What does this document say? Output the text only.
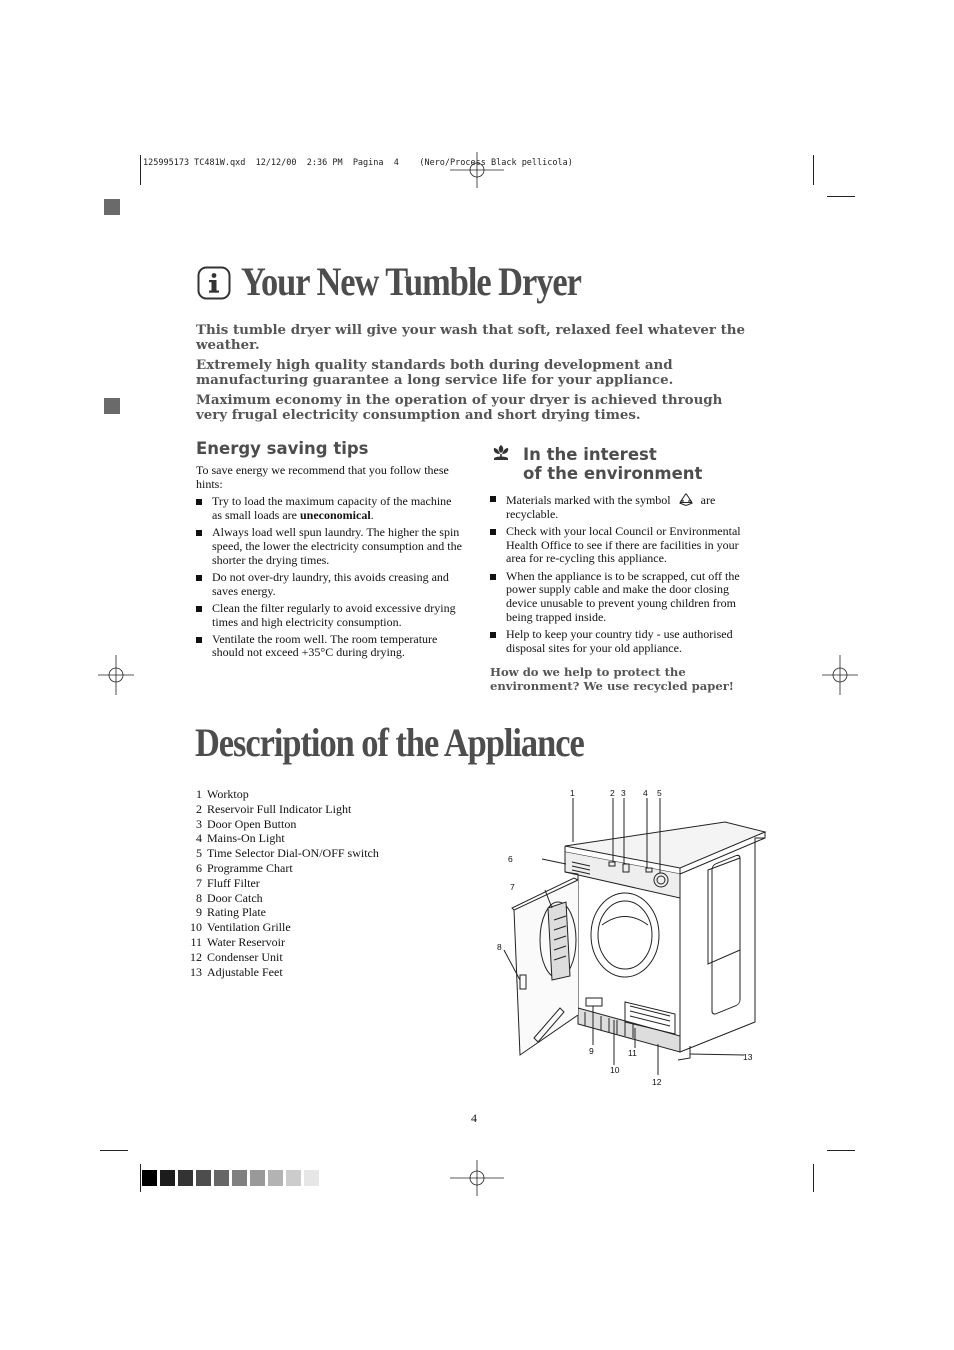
125995173 TC481W.qxd  12/12/00  2:36 PM  Pagina  4    (Nero/Process Black pellicola)
Your New Tumble Dryer

This tumble dryer will give your wash that soft, relaxed feel whatever the weather.

Extremely high quality standards both during development and manufacturing guarantee a long service life for your appliance.

Maximum economy in the operation of your dryer is achieved through very frugal electricity consumption and short drying times.

Energy saving tips
To save energy we recommend that you follow these hints:
Try to load the maximum capacity of the machine as small loads are uneconomical.
Always load well spun laundry. The higher the spin speed, the lower the electricity consumption and the shorter the drying times.
Do not over-dry laundry, this avoids creasing and saves energy.
Clean the filter regularly to avoid excessive drying times and high electricity consumption.
Ventilate the room well. The room temperature should not exceed +35°C during drying.
In the interest
of the environment
Materials marked with the symbol	are recyclable.
Check with your local Council or Environmental Health Office to see if there are facilities in your area for re-cycling this appliance.
When the appliance is to be scrapped, cut off the power supply cable and make the door closing device unusable to prevent young children from being trapped inside.
Help to keep your country tidy - use authorised disposal sites for your old appliance.
How do we help to protect the environment? We use recycled paper!
Description of the Appliance
1 Worktop
2 Reservoir Full Indicator Light
3 Door Open Button
4 Mains-On Light
5 Time Selector Dial-ON/OFF switch
6 Programme Chart
7 Fluff Filter
8 Door Catch
9 Rating Plate
10 Ventilation Grille
11 Water Reservoir
12 Condenser Unit
13 Adjustable Feet
1	2 3 4 5
6
7
8
9
10
11
12
13
4
